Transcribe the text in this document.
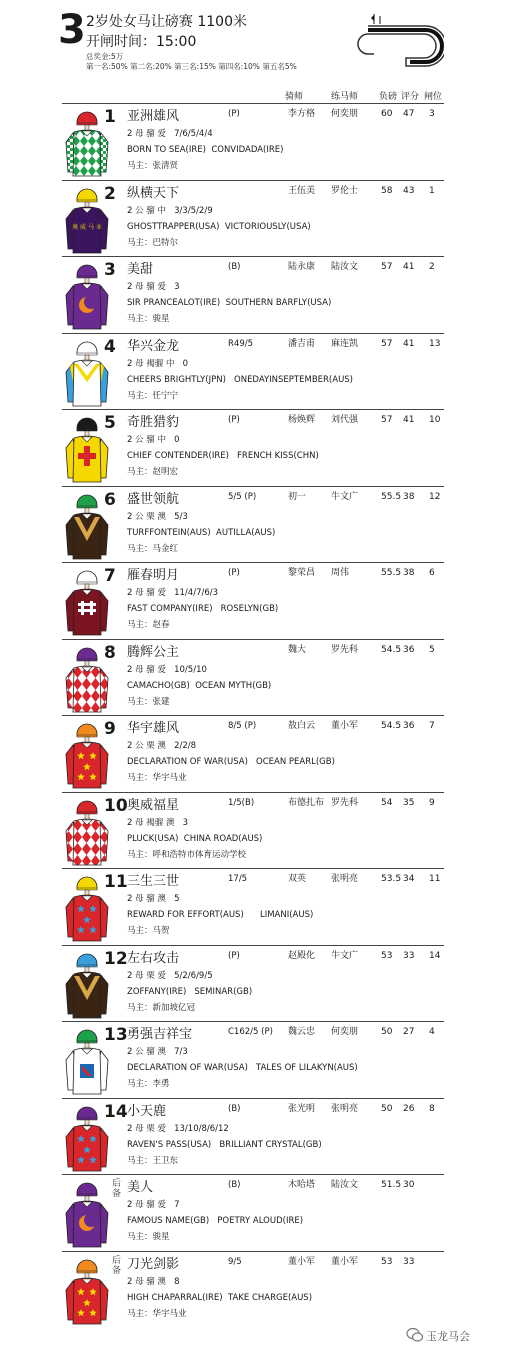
3 2岁处女马让磅赛 1100米
开闸时间：15:00
总奖金:5万
第一名:50% 第二名:20% 第三名:15% 第四名:10% 第五名5%
骑师	练马师 负磅 评分 闸位
1 亚洲雄风	(P)	李方格 何奕朋	60 47 3
2 母 骝 爱   7/6/5/4/4
BORN TO SEA(IRE)  CONVIDADA(IRE)
马主：张清贤
奥 威 马 业
2 纵横天下	王伍美 罗伦士	58 43 1
2 公 骝 中   3/3/5/2/9
GHOSTTRAPPER(USA)  VICTORIOUSLY(USA)
马主：巴特尔
3 美甜	(B)	陆永康 陆汝文	57 41 2
2 母 骝 爱   3
SIR PRANCEALOT(IRE)  SOUTHERN BARFLY(USA)
马主：骏星
4 华兴金龙	R49/5	潘吉甫 麻连凯	57 41 13
2 母 褐骝 中   0
CHEERS BRIGHTLY(JPN)   ONEDAYINSEPTEMBER(AUS)
马主：任宁宁
5 奇胜猎豹	(P)	杨焕辉 刘代强	57 41 10
2 公 骝 中   0
CHIEF CONTENDER(IRE)   FRENCH KISS(CHN)
马主：赵明宏
6 盛世领航	5/5 (P)	初一	牛文广	55.5 38 12
2 公 栗 澳   5/3
TURFFONTEIN(AUS)  AUTILLA(AUS)
马主：马金红
7 雁春明月	(P)	黎荣昌 周伟	55.5 38 6
2 母 骝 爱   11/4/7/6/3
FAST COMPANY(IRE)   ROSELYN(GB)
马主：赵春
8 腾辉公主	魏大	罗先科	54.5 36 5
2 母 骝 爱   10/5/10
CAMACHO(GB)  OCEAN MYTH(GB)
马主：张建
9 华宇雄风	8/5 (P)	敖白云 董小军	54.5 36 7
2 公 栗 澳   2/2/8
DECLARATION OF WAR(USA)   OCEAN PEARL(GB)
马主：华宇马业
10 奥威福星	1/5(B)	布德扎布 罗先科	54 35 9
2 母 褐骝 澳   3
PLUCK(USA)  CHINA ROAD(AUS)
马主：呼和浩特市体育运动学校
11 三生三世	17/5	双英	张明亮	53.5 34 11
2 母 骝 澳   5
REWARD FOR EFFORT(AUS)      LIMANI(AUS)
马主：马贺
12 左右攻击	(P)	赵殿化 牛文广	53 33 14
2 母 栗 爱   5/2/6/9/5
ZOFFANY(IRE)   SEMINAR(GB)
马主：新加坡亿冠
13 勇强吉祥宝	C162/5 (P) 魏云忠 何奕朋	50 27 4
2 公 骝 澳   7/3
DECLARATION OF WAR(USA)   TALES OF LILAKYN(AUS)
马主：李勇
14 小天鹿	(B)	张光明 张明亮	50 26 8
2 母 栗 爱   13/10/8/6/12
RAVEN'S PASS(USA)   BRILLIANT CRYSTAL(GB)
马主：王卫东
后备 美人	(B)	木哈塔 陆汝文	51.5 30
2 母 骝 爱   7
FAMOUS NAME(GB)   POETRY ALOUD(IRE)
马主：骏星
后备 刀光剑影	9/5	董小军 董小军	53 33
2 母 骝 澳   8
HIGH CHAPARRAL(IRE)  TAKE CHARGE(AUS)
马主：华宇马业
玉龙马会
